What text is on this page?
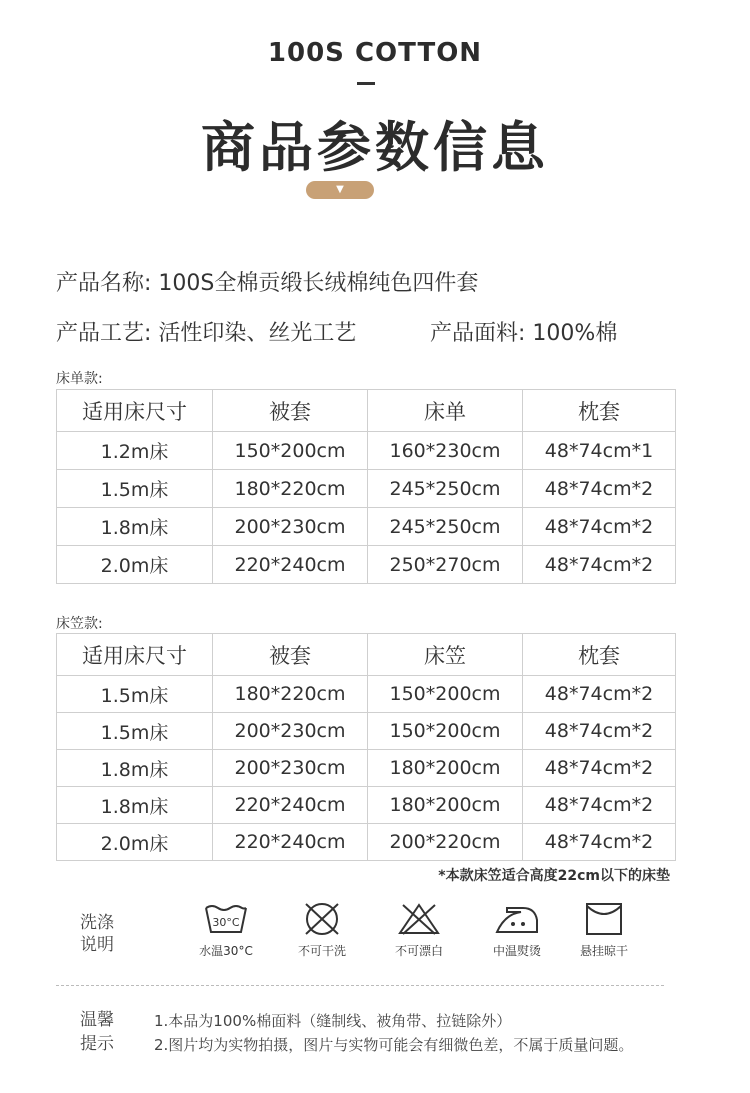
100S COTTON
商品参数信息
▼
产品名称: 100S全棉贡缎长绒棉纯色四件套
产品工艺: 活性印染、丝光工艺	产品面料: 100%棉
床单款:
适用床尺寸	被套	床单	枕套
1.2m床	150*200cm	160*230cm	48*74cm*1
1.5m床	180*220cm	245*250cm	48*74cm*2
1.8m床	200*230cm	245*250cm	48*74cm*2
2.0m床	220*240cm	250*270cm	48*74cm*2
床笠款:
适用床尺寸	被套	床笠	枕套
1.5m床	180*220cm	150*200cm	48*74cm*2
1.5m床	200*230cm	150*200cm	48*74cm*2
1.8m床	200*230cm	180*200cm	48*74cm*2
1.8m床	220*240cm	180*200cm	48*74cm*2
2.0m床	220*240cm	200*220cm	48*74cm*2
*本款床笠适合高度22cm以下的床垫
洗涤
说明
30°C
水温30°C	不可干洗	不可漂白	中温熨烫	悬挂晾干
温馨
提示
1.本品为100%棉面料（缝制线、被角带、拉链除外）
2.图片均为实物拍摄，图片与实物可能会有细微色差，不属于质量问题。
